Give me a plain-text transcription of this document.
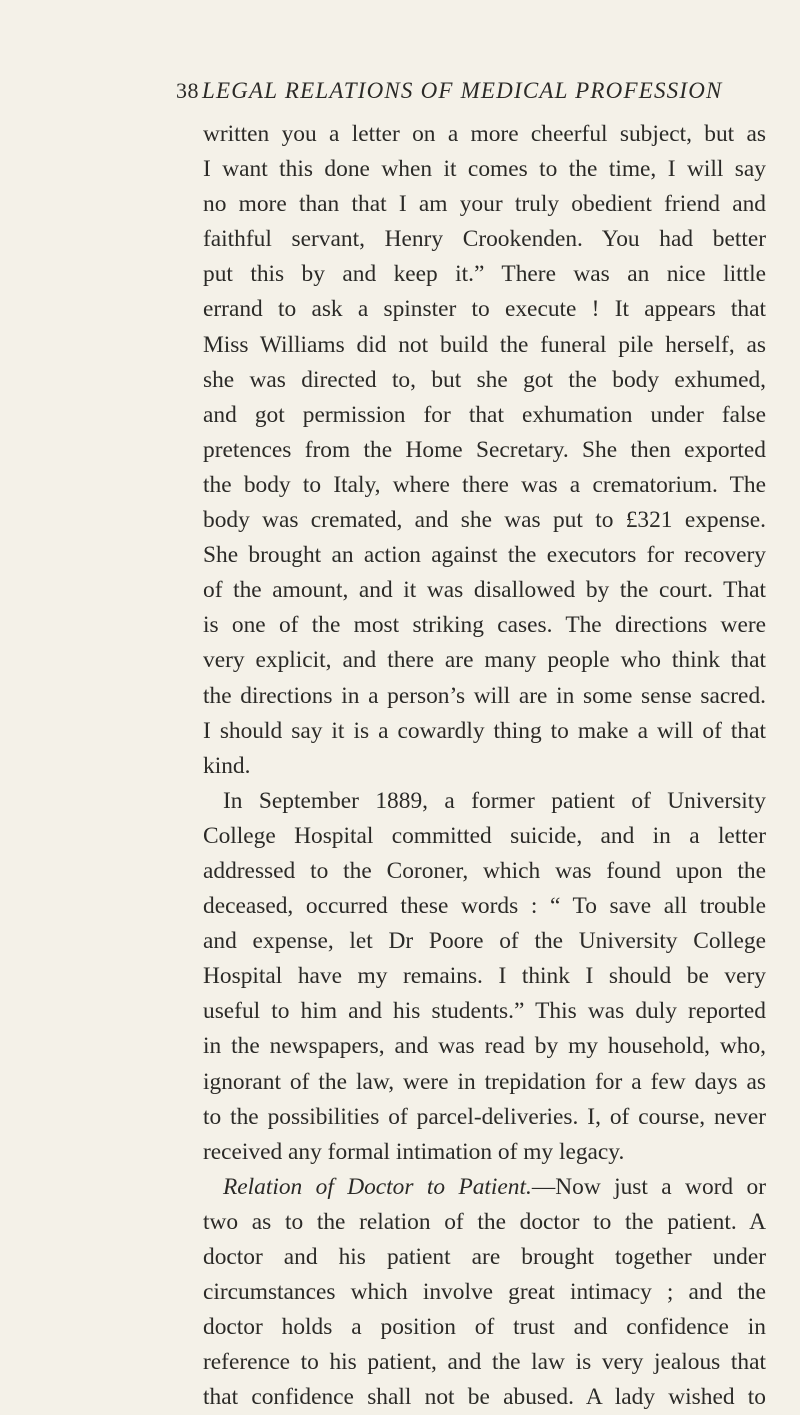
38 LEGAL RELATIONS OF MEDICAL PROFESSION
written you a letter on a more cheerful subject, but as
I want this done when it comes to the time, I will say
no more than that I am your truly obedient friend and
faithful servant, Henry Crookenden. You had better
put this by and keep it.” There was an nice little
errand to ask a spinster to execute ! It appears that
Miss Williams did not build the funeral pile herself, as
she was directed to, but she got the body exhumed,
and got permission for that exhumation under false
pretences from the Home Secretary. She then exported
the body to Italy, where there was a crematorium. The
body was cremated, and she was put to £321 expense.
She brought an action against the executors for recovery
of the amount, and it was disallowed by the court. That
is one of the most striking cases. The directions were
very explicit, and there are many people who think that
the directions in a person’s will are in some sense sacred.
I should say it is a cowardly thing to make a will of that
kind.
In September 1889, a former patient of University
College Hospital committed suicide, and in a letter
addressed to the Coroner, which was found upon the
deceased, occurred these words : “ To save all trouble
and expense, let Dr Poore of the University College
Hospital have my remains. I think I should be very
useful to him and his students.” This was duly reported
in the newspapers, and was read by my household, who,
ignorant of the law, were in trepidation for a few days as
to the possibilities of parcel-deliveries. I, of course, never
received any formal intimation of my legacy.
Relation of Doctor to Patient.—Now just a word or
two as to the relation of the doctor to the patient. A
doctor and his patient are brought together under
circumstances which involve great intimacy ; and the
doctor holds a position of trust and confidence in
reference to his patient, and the law is very jealous that
that confidence shall not be abused. A lady wished to
